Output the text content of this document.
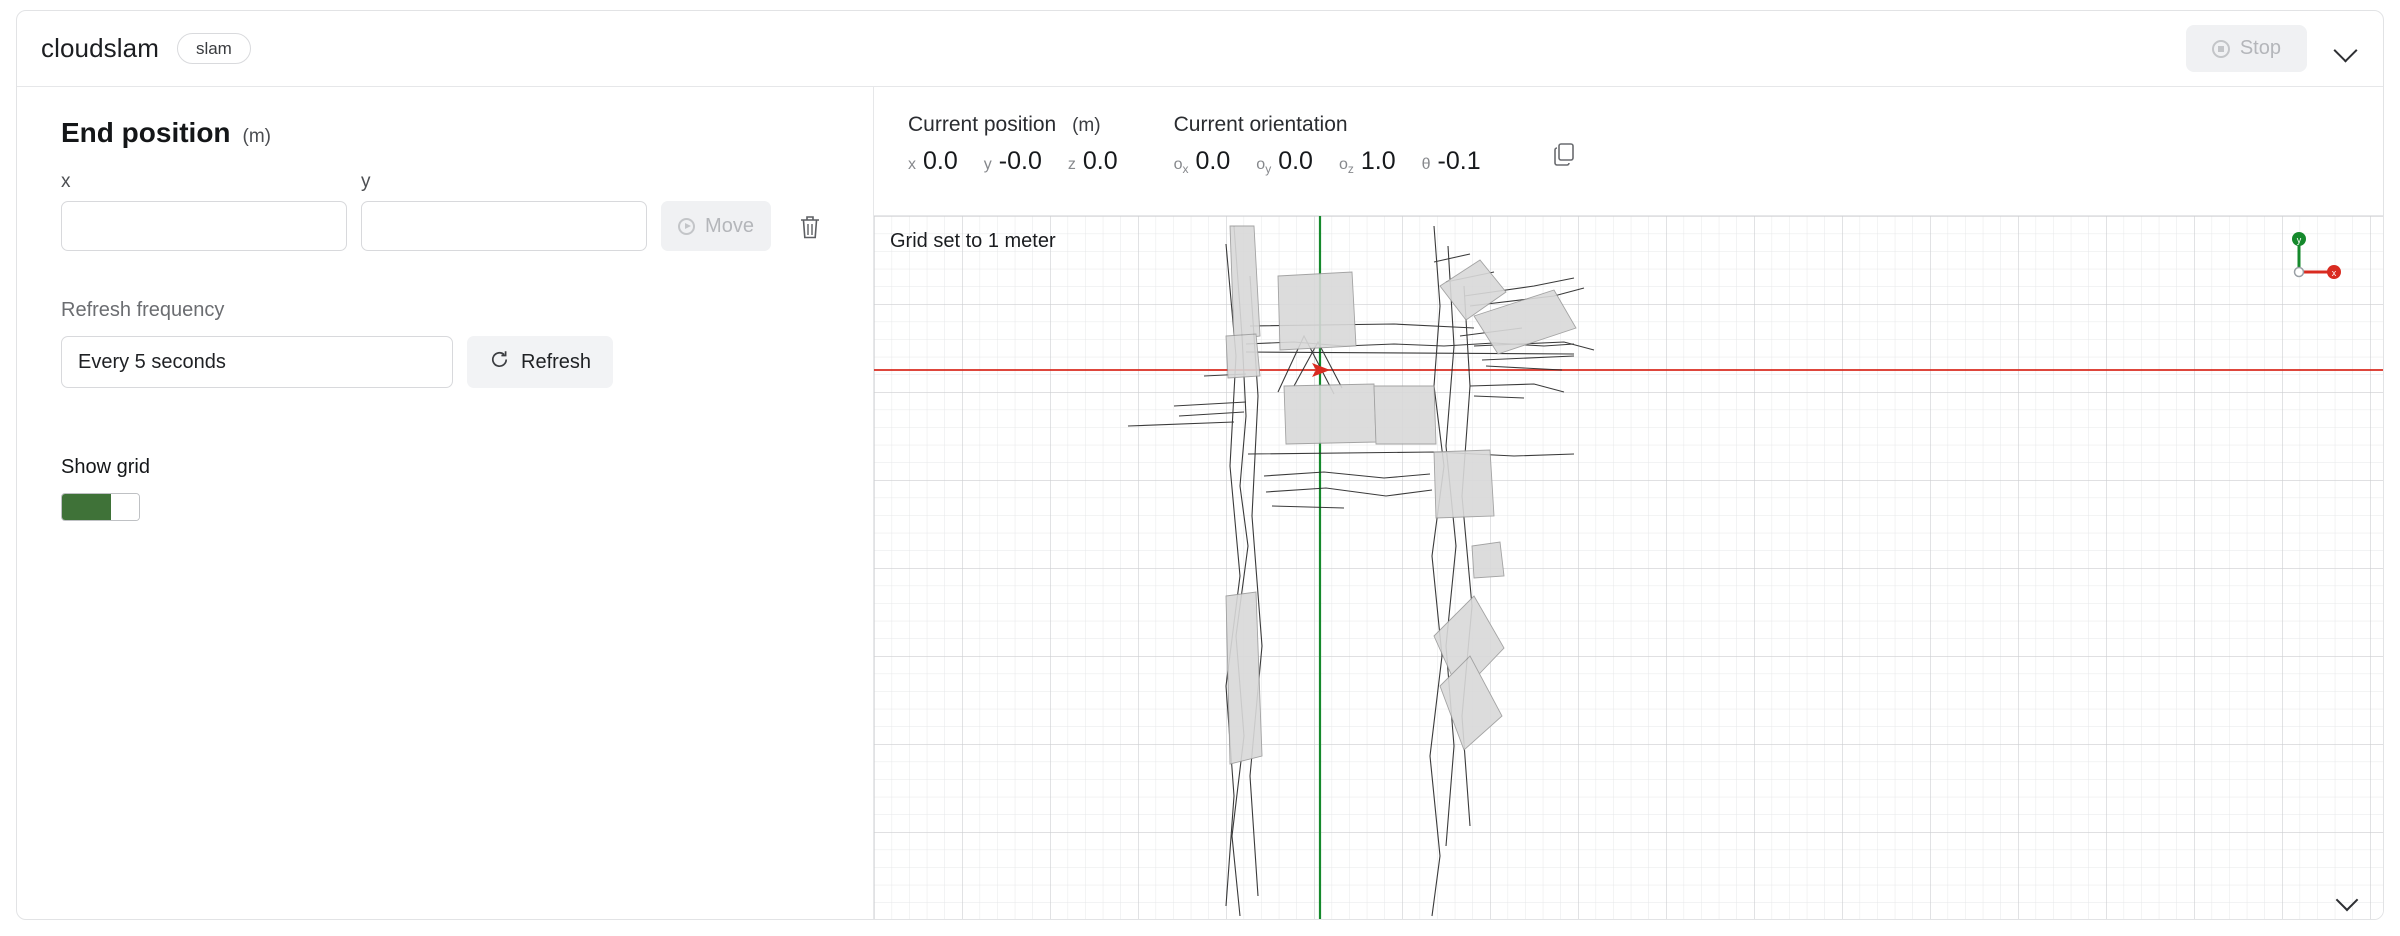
cloudslam	slam	Stop
End position (m)
x	y
Move
Refresh frequency
Every 5 seconds	Refresh
Show grid
Current position (m)
x 0.0 y -0.0 z 0.0
Current orientation
$o_x$ 0.0 $o_y$ 0.0 $o_z$ 1.0 θ -0.1
Grid set to 1 meter	y
x
